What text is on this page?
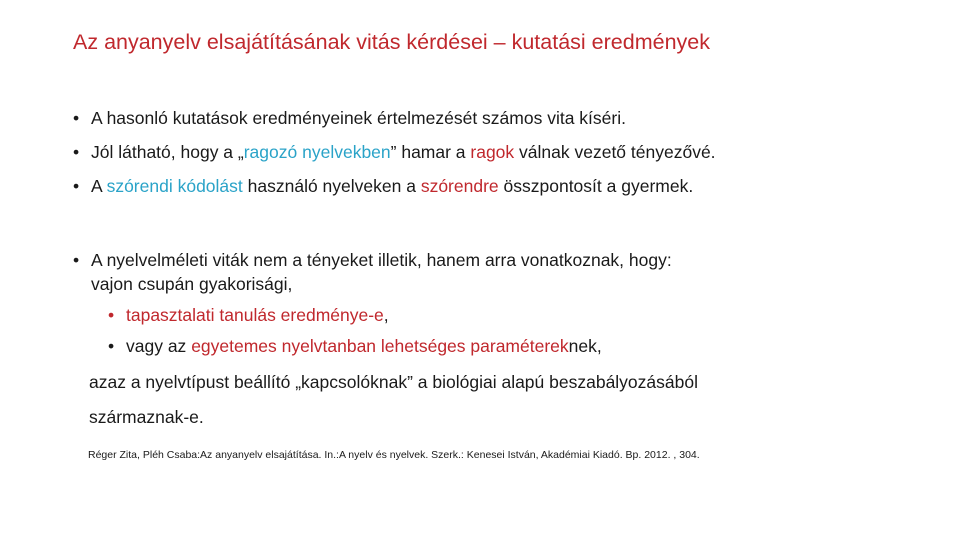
Az anyanyelv elsajátításának vitás kérdései – kutatási eredmények
• A hasonló kutatások eredményeinek értelmezését számos vita kíséri.
• Jól látható, hogy a „ragozó nyelvekben” hamar a ragok válnak vezető tényezővé.
• A szórendi kódolást használó nyelveken a szórendre összpontosít a gyermek.
• A nyelvelméleti viták nem a tényeket illetik, hanem arra vonatkoznak, hogy:
vajon csupán gyakorisági,
• tapasztalati tanulás eredménye-e,
• vagy az egyetemes nyelvtanban lehetséges paramétereknek,
azaz a nyelvtípust beállító „kapcsolóknak” a biológiai alapú beszabályozásából
származnak-e.
Réger Zita, Pléh Csaba:Az anyanyelv elsajátítása. In.:A nyelv és nyelvek. Szerk.: Kenesei István, Akadémiai Kiadó. Bp. 2012. , 304.
